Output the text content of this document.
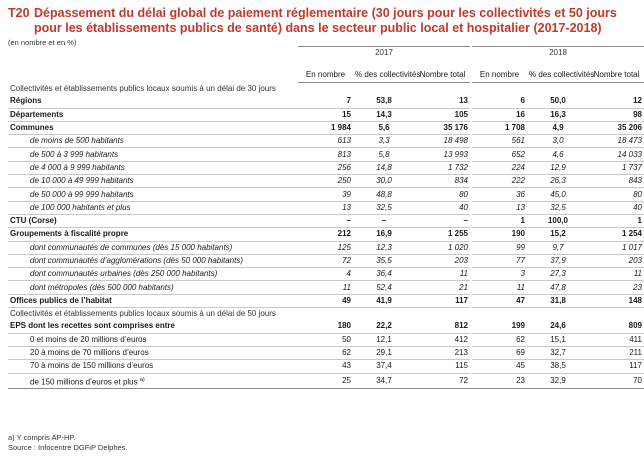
T20 Dépassement du délai global de paiement réglementaire (30 jours pour les collectivités et 50 jours pour les établissements publics de santé) dans le secteur public local et hospitalier (2017-2018)
(en nombre et en %)
	2017				2018		
	En nombre	% des collectivités	Nombre total		En nombre	% des collectivités	Nombre total
Collectivités et établissements publics locaux soumis à un délai de 30 jours							
Régions	7	53,8	13		6	50,0	12
Départements	15	14,3	105		16	16,3	98
Communes	1 984	5,6	35 176		1 708	4,9	35 206
de moins de 500 habitants	613	3,3	18 498		561	3,0	18 473
de 500 à 3 999 habitants	813	5,8	13 993		652	4,6	14 033
de 4 000 à 9 999 habitants	256	14,8	1 732		224	12,9	1 737
de 10 000 à 49 999 habitants	250	30,0	834		222	26,3	843
de 50 000 à 99 999 habitants	39	48,8	80		36	45,0	80
de 100 000 habitants et plus	13	32,5	40		13	32,5	40
CTU (Corse)	–	–	–		1	100,0	1
Groupements à fiscalité propre	212	16,9	1 255		190	15,2	1 254
dont communautés de communes (dès 15 000 habitants)	125	12,3	1 020		99	9,7	1 017
dont communautés d’agglomérations (dès 50 000 habitants)	72	35,5	203		77	37,9	203
dont communautés urbaines (dès 250 000 habitants)	4	36,4	11		3	27,3	11
dont métropoles (dès 500 000 habitants)	11	52,4	21		11	47,8	23
Offices publics de l’habitat	49	41,9	117		47	31,8	148
Collectivités et établissements publics locaux soumis à un délai de 50 jours							
EPS dont les recettes sont comprises entre	180	22,2	812		199	24,6	809
0 et moins de 20 millions d’euros	50	12,1	412		62	15,1	411
20 à moins de 70 millions d’euros	62	29,1	213		69	32,7	211
70 à moins de 150 millions d’euros	43	37,4	115		45	38,5	117
de 150 millions d’euros et plus $^{a)}$	25	34,7	72		23	32,9	70
a) Y compris AP-HP.
Source : Infocentre DGFiP Delphes.
